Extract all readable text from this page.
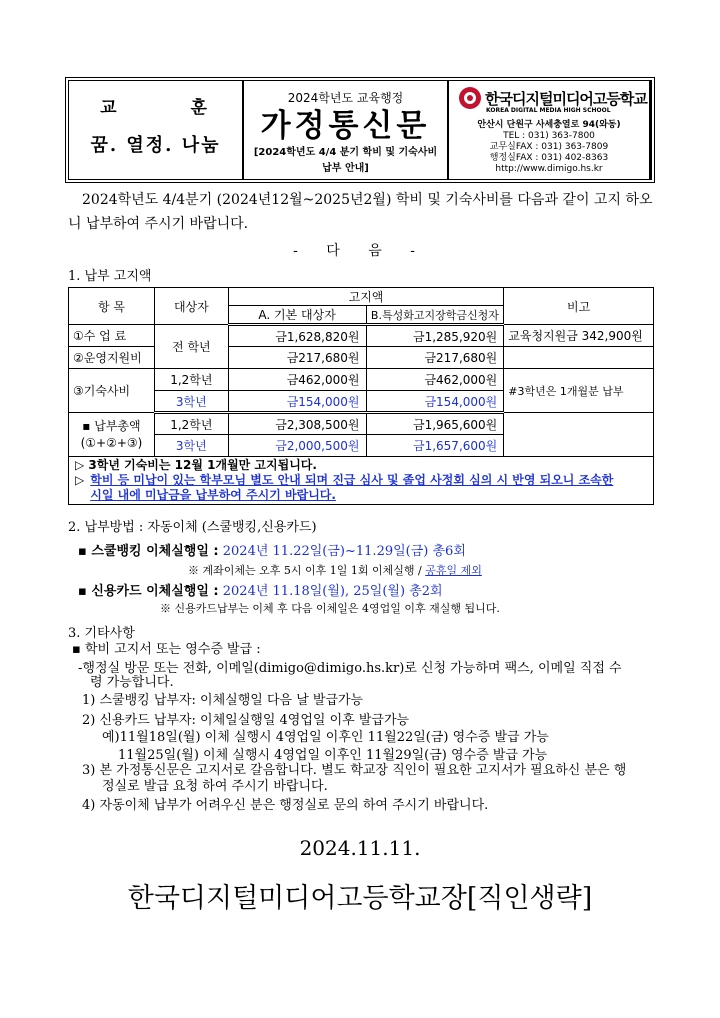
교 훈
꿈. 열정. 나눔
2024학년도 교육행정
가정통신문
[2024학년도 4/4 분기 학비 및 기숙사비
납부 안내]
한국디지털미디어고등학교
KOREA DIGITAL MEDIA HIGH SCHOOL
안산시 단원구 사세충열로 94(와동)
TEL : 031) 363-7800
교무실FAX : 031) 363-7809
행정실FAX : 031) 402-8363
http://www.dimigo.hs.kr
2024학년도 4/4분기 (2024년12월~2025년2월) 학비 및 기숙사비를 다음과 같이 고지 하오니 납부하여 주시기 바랍니다.
- 다 음 -
1. 납부 고지액
항 목	대상자	고지액		비고
		A. 기본 대상자	B.특성화고지장학금신청자	
①수 업 료	전 학년	금1,628,820원	금1,285,920원	교육청지원금 342,900원
②운영지원비		금217,680원	금217,680원	
③기숙사비	1,2학년	금462,000원	금462,000원	#3학년은 1개월분 납부
	3학년	금154,000원	금154,000원	

▪ 납부총액
(①+②+③)	1,2학년	금2,308,500원	금1,965,600원	
	3학년	금2,000,500원	금1,657,600원	

▷ 3학년 기숙비는 12월 1개월만 고지됩니다.
▷ 학비 등 미납이 있는 학부모님 별도 안내 되며 진급 심사 및 졸업 사정회 심의 시 반영 되오니 조속한
시일 내에 미납금을 납부하여 주시기 바랍니다.				
2. 납부방법 : 자동이체 (스쿨뱅킹,신용카드)
▪ 스쿨뱅킹 이체실행일 : 2024년 11.22일(금)~11.29일(금) 총6회
※ 계좌이체는 오후 5시 이후 1일 1회 이체실행 / 공휴일 제외
▪ 신용카드 이체실행일 : 2024년 11.18일(월), 25일(월) 총2회
※ 신용카드납부는 이체 후 다음 이체일은 4영업일 이후 재실행 됩니다.
3. 기타사항
▪ 학비 고지서 또는 영수증 발급 :
-행정실 방문 또는 전화, 이메일(dimigo@dimigo.hs.kr)로 신청 가능하며 팩스, 이메일 직접 수
령 가능합니다.
1) 스쿨뱅킹 납부자: 이체실행일 다음 날 발급가능
2) 신용카드 납부자: 이체일실행일 4영업일 이후 발급가능
예)11월18일(월) 이체 실행시 4영업일 이후인 11월22일(금) 영수증 발급 가능
11월25일(월) 이체 실행시 4영업일 이후인 11월29일(금) 영수증 발급 가능
3) 본 가정통신문은 고지서로 갈음합니다. 별도 학교장 직인이 필요한 고지서가 필요하신 분은 행
정실로 발급 요청 하여 주시기 바랍니다.
4) 자동이체 납부가 어려우신 분은 행정실로 문의 하여 주시기 바랍니다.
2024.11.11.
한국디지털미디어고등학교장[직인생략]
